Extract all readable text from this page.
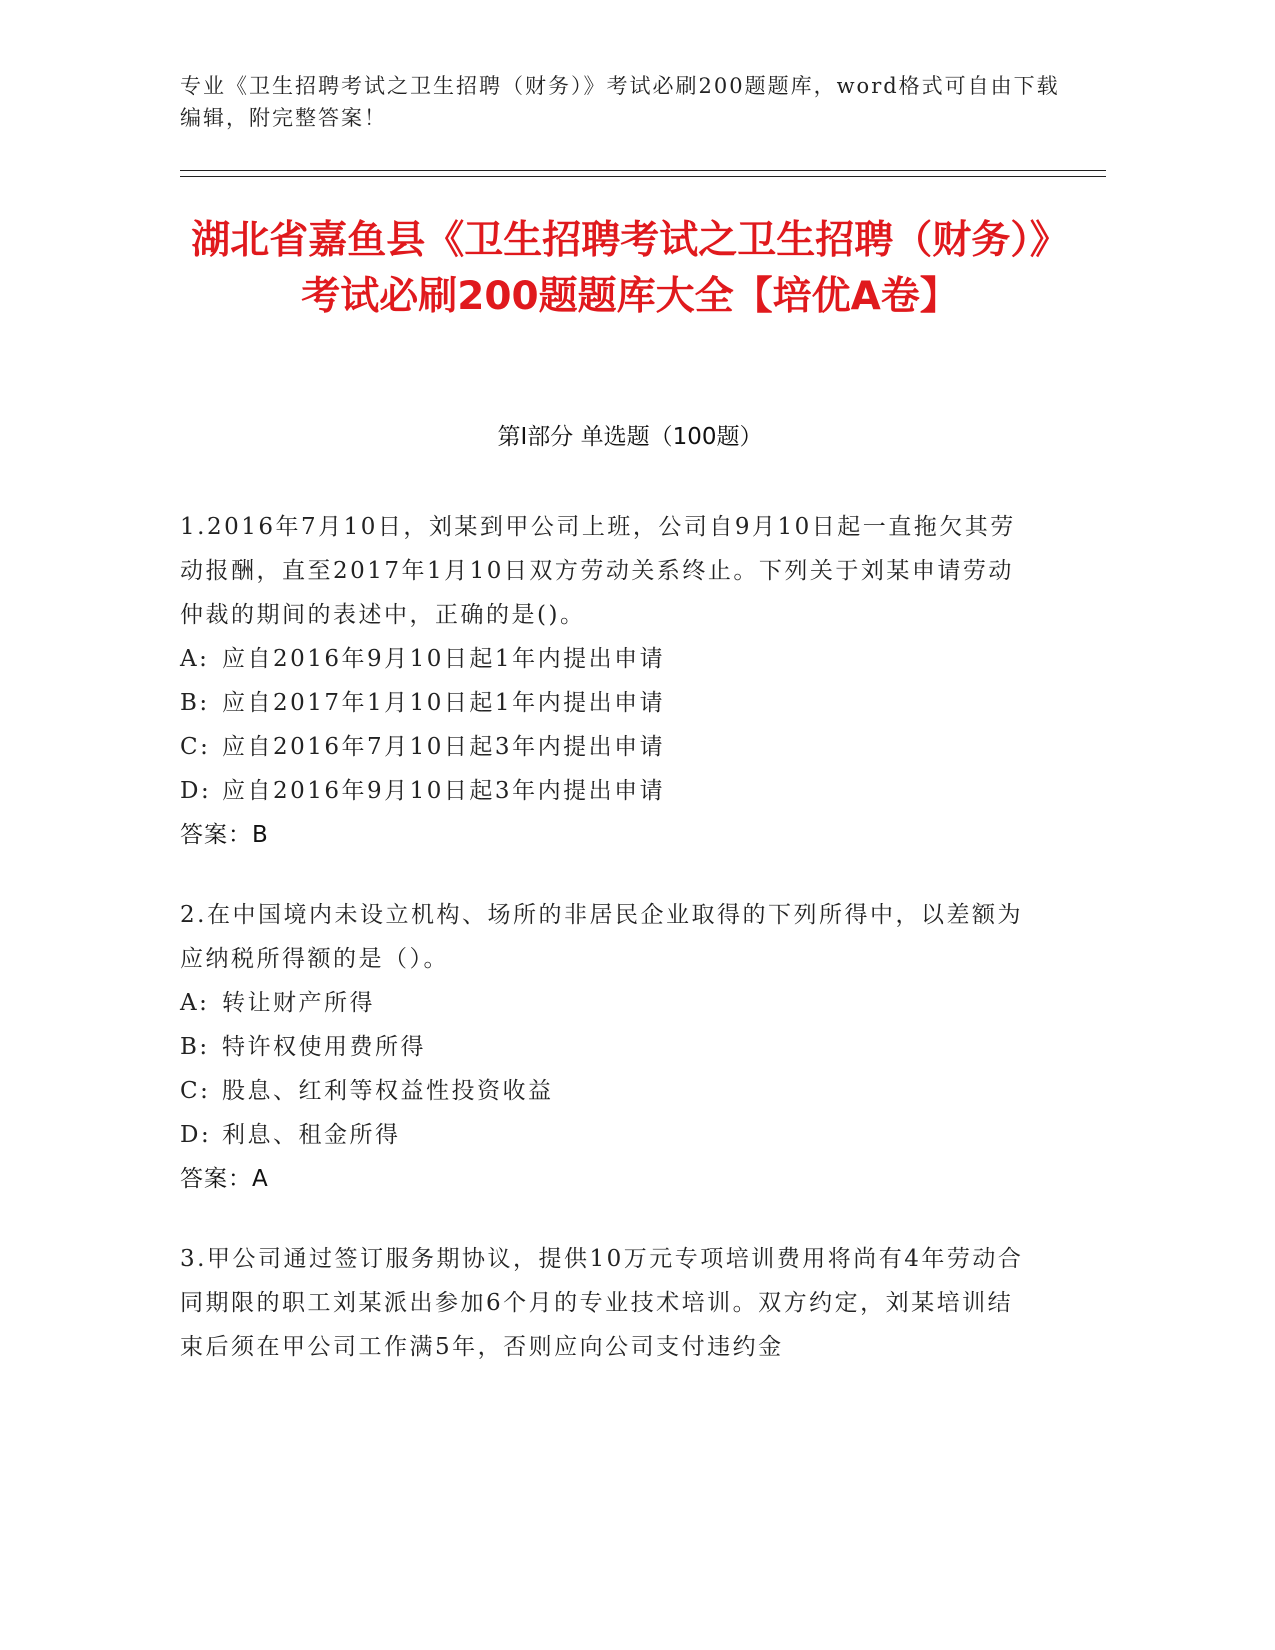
专业《卫生招聘考试之卫生招聘（财务）》考试必刷200题题库，word格式可自由下载编辑，附完整答案！
湖北省嘉鱼县《卫生招聘考试之卫生招聘（财务）》考试必刷200题题库大全【培优A卷】
第I部分 单选题（100题）
1.2016年7月10日，刘某到甲公司上班，公司自9月10日起一直拖欠其劳动报酬，直至2017年1月10日双方劳动关系终止。下列关于刘某申请劳动仲裁的期间的表述中，正确的是()。
A: 应自2016年9月10日起1年内提出申请
B: 应自2017年1月10日起1年内提出申请
C: 应自2016年7月10日起3年内提出申请
D: 应自2016年9月10日起3年内提出申请
答案：B
2.在中国境内未设立机构、场所的非居民企业取得的下列所得中，以差额为应纳税所得额的是（）。
A: 转让财产所得
B: 特许权使用费所得
C: 股息、红利等权益性投资收益
D: 利息、租金所得
答案：A
3.甲公司通过签订服务期协议，提供10万元专项培训费用将尚有4年劳动合同期限的职工刘某派出参加6个月的专业技术培训。双方约定，刘某培训结束后须在甲公司工作满5年，否则应向公司支付违约金
